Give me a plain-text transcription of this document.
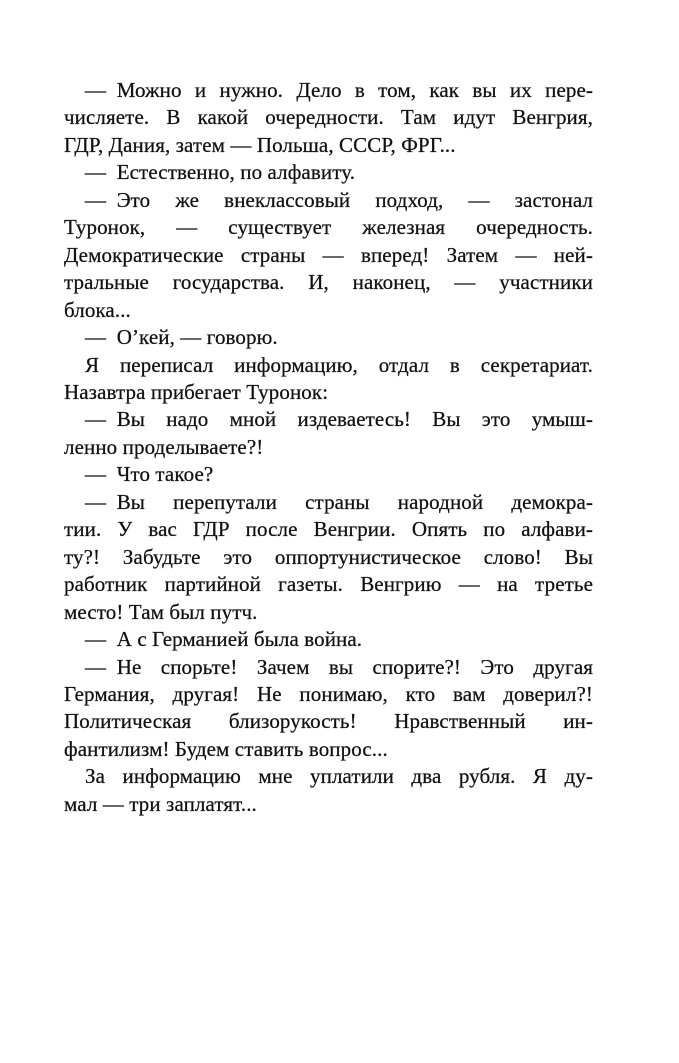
— Можно и нужно. Дело в том, как вы их пере-
числяете. В какой очередности. Там идут Венгрия,
ГДР, Дания, затем — Польша, СССР, ФРГ...
— Естественно, по алфавиту.
— Это же внеклассовый подход, — застонал
Туронок, — существует железная очередность.
Демократические страны — вперед! Затем — ней-
тральные государства. И, наконец, — участники
блока...
— О’кей, — говорю.
Я переписал информацию, отдал в секретариат.
Назавтра прибегает Туронок:
— Вы надо мной издеваетесь! Вы это умыш-
ленно проделываете?!
— Что такое?
— Вы перепутали страны народной демокра-
тии. У вас ГДР после Венгрии. Опять по алфави-
ту?! Забудьте это оппортунистическое слово! Вы
работник партийной газеты. Венгрию — на третье
место! Там был путч.
— А с Германией была война.
— Не спорьте! Зачем вы спорите?! Это другая
Германия, другая! Не понимаю, кто вам доверил?!
Политическая близорукость! Нравственный ин-
фантилизм! Будем ставить вопрос...
За информацию мне уплатили два рубля. Я ду-
мал — три заплатят...
